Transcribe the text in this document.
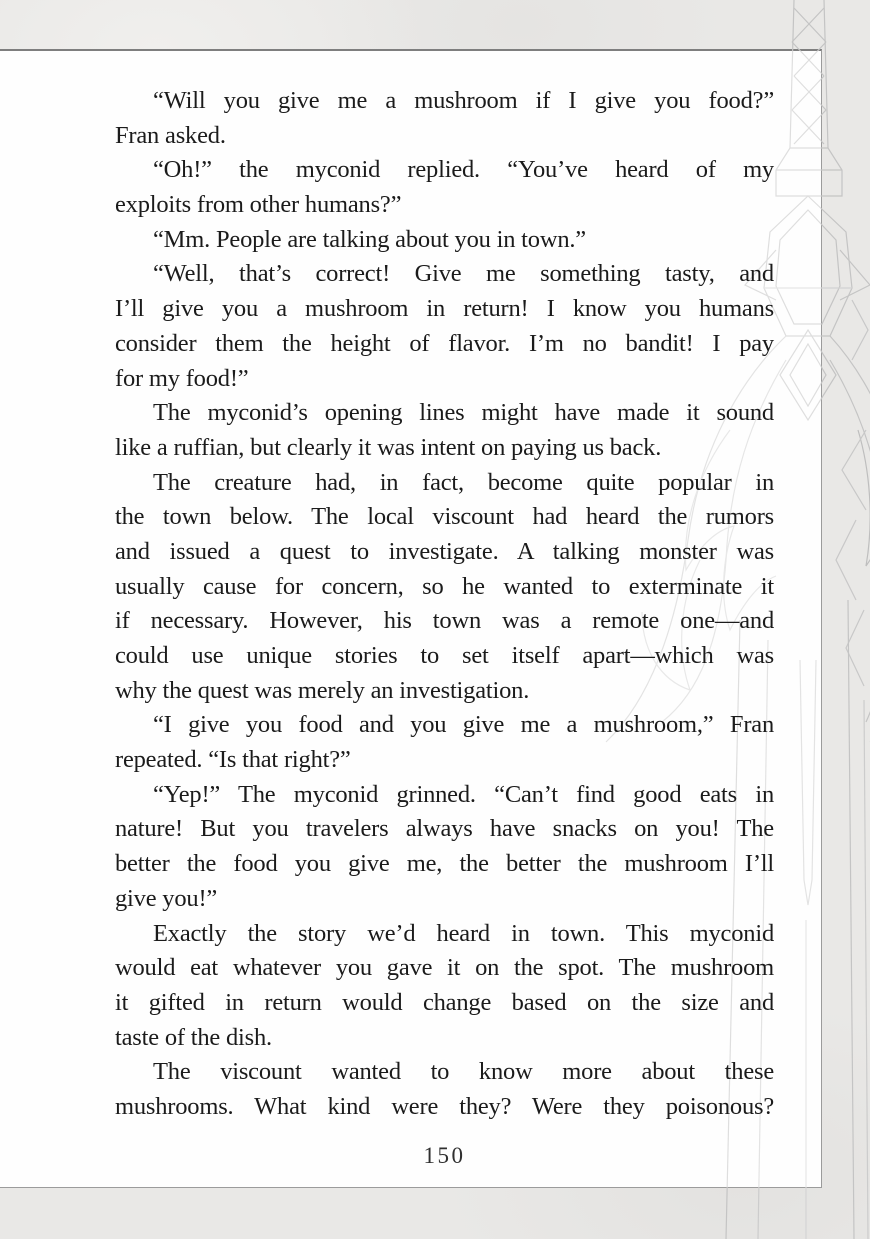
“Will you give me a mushroom if I give you food?”
Fran asked.
“Oh!” the myconid replied. “You’ve heard of my
exploits from other humans?”
“Mm. People are talking about you in town.”
“Well, that’s correct! Give me something tasty, and
I’ll give you a mushroom in return! I know you humans
consider them the height of flavor. I’m no bandit! I pay
for my food!”
The myconid’s opening lines might have made it sound
like a ruffian, but clearly it was intent on paying us back.
The creature had, in fact, become quite popular in
the town below. The local viscount had heard the rumors
and issued a quest to investigate. A talking monster was
usually cause for concern, so he wanted to exterminate it
if necessary. However, his town was a remote one—and
could use unique stories to set itself apart—which was
why the quest was merely an investigation.
“I give you food and you give me a mushroom,” Fran
repeated. “Is that right?”
“Yep!” The myconid grinned. “Can’t find good eats in
nature! But you travelers always have snacks on you! The
better the food you give me, the better the mushroom I’ll
give you!”
Exactly the story we’d heard in town. This myconid
would eat whatever you gave it on the spot. The mushroom
it gifted in return would change based on the size and
taste of the dish.
The viscount wanted to know more about these
mushrooms. What kind were they? Were they poisonous?
150
